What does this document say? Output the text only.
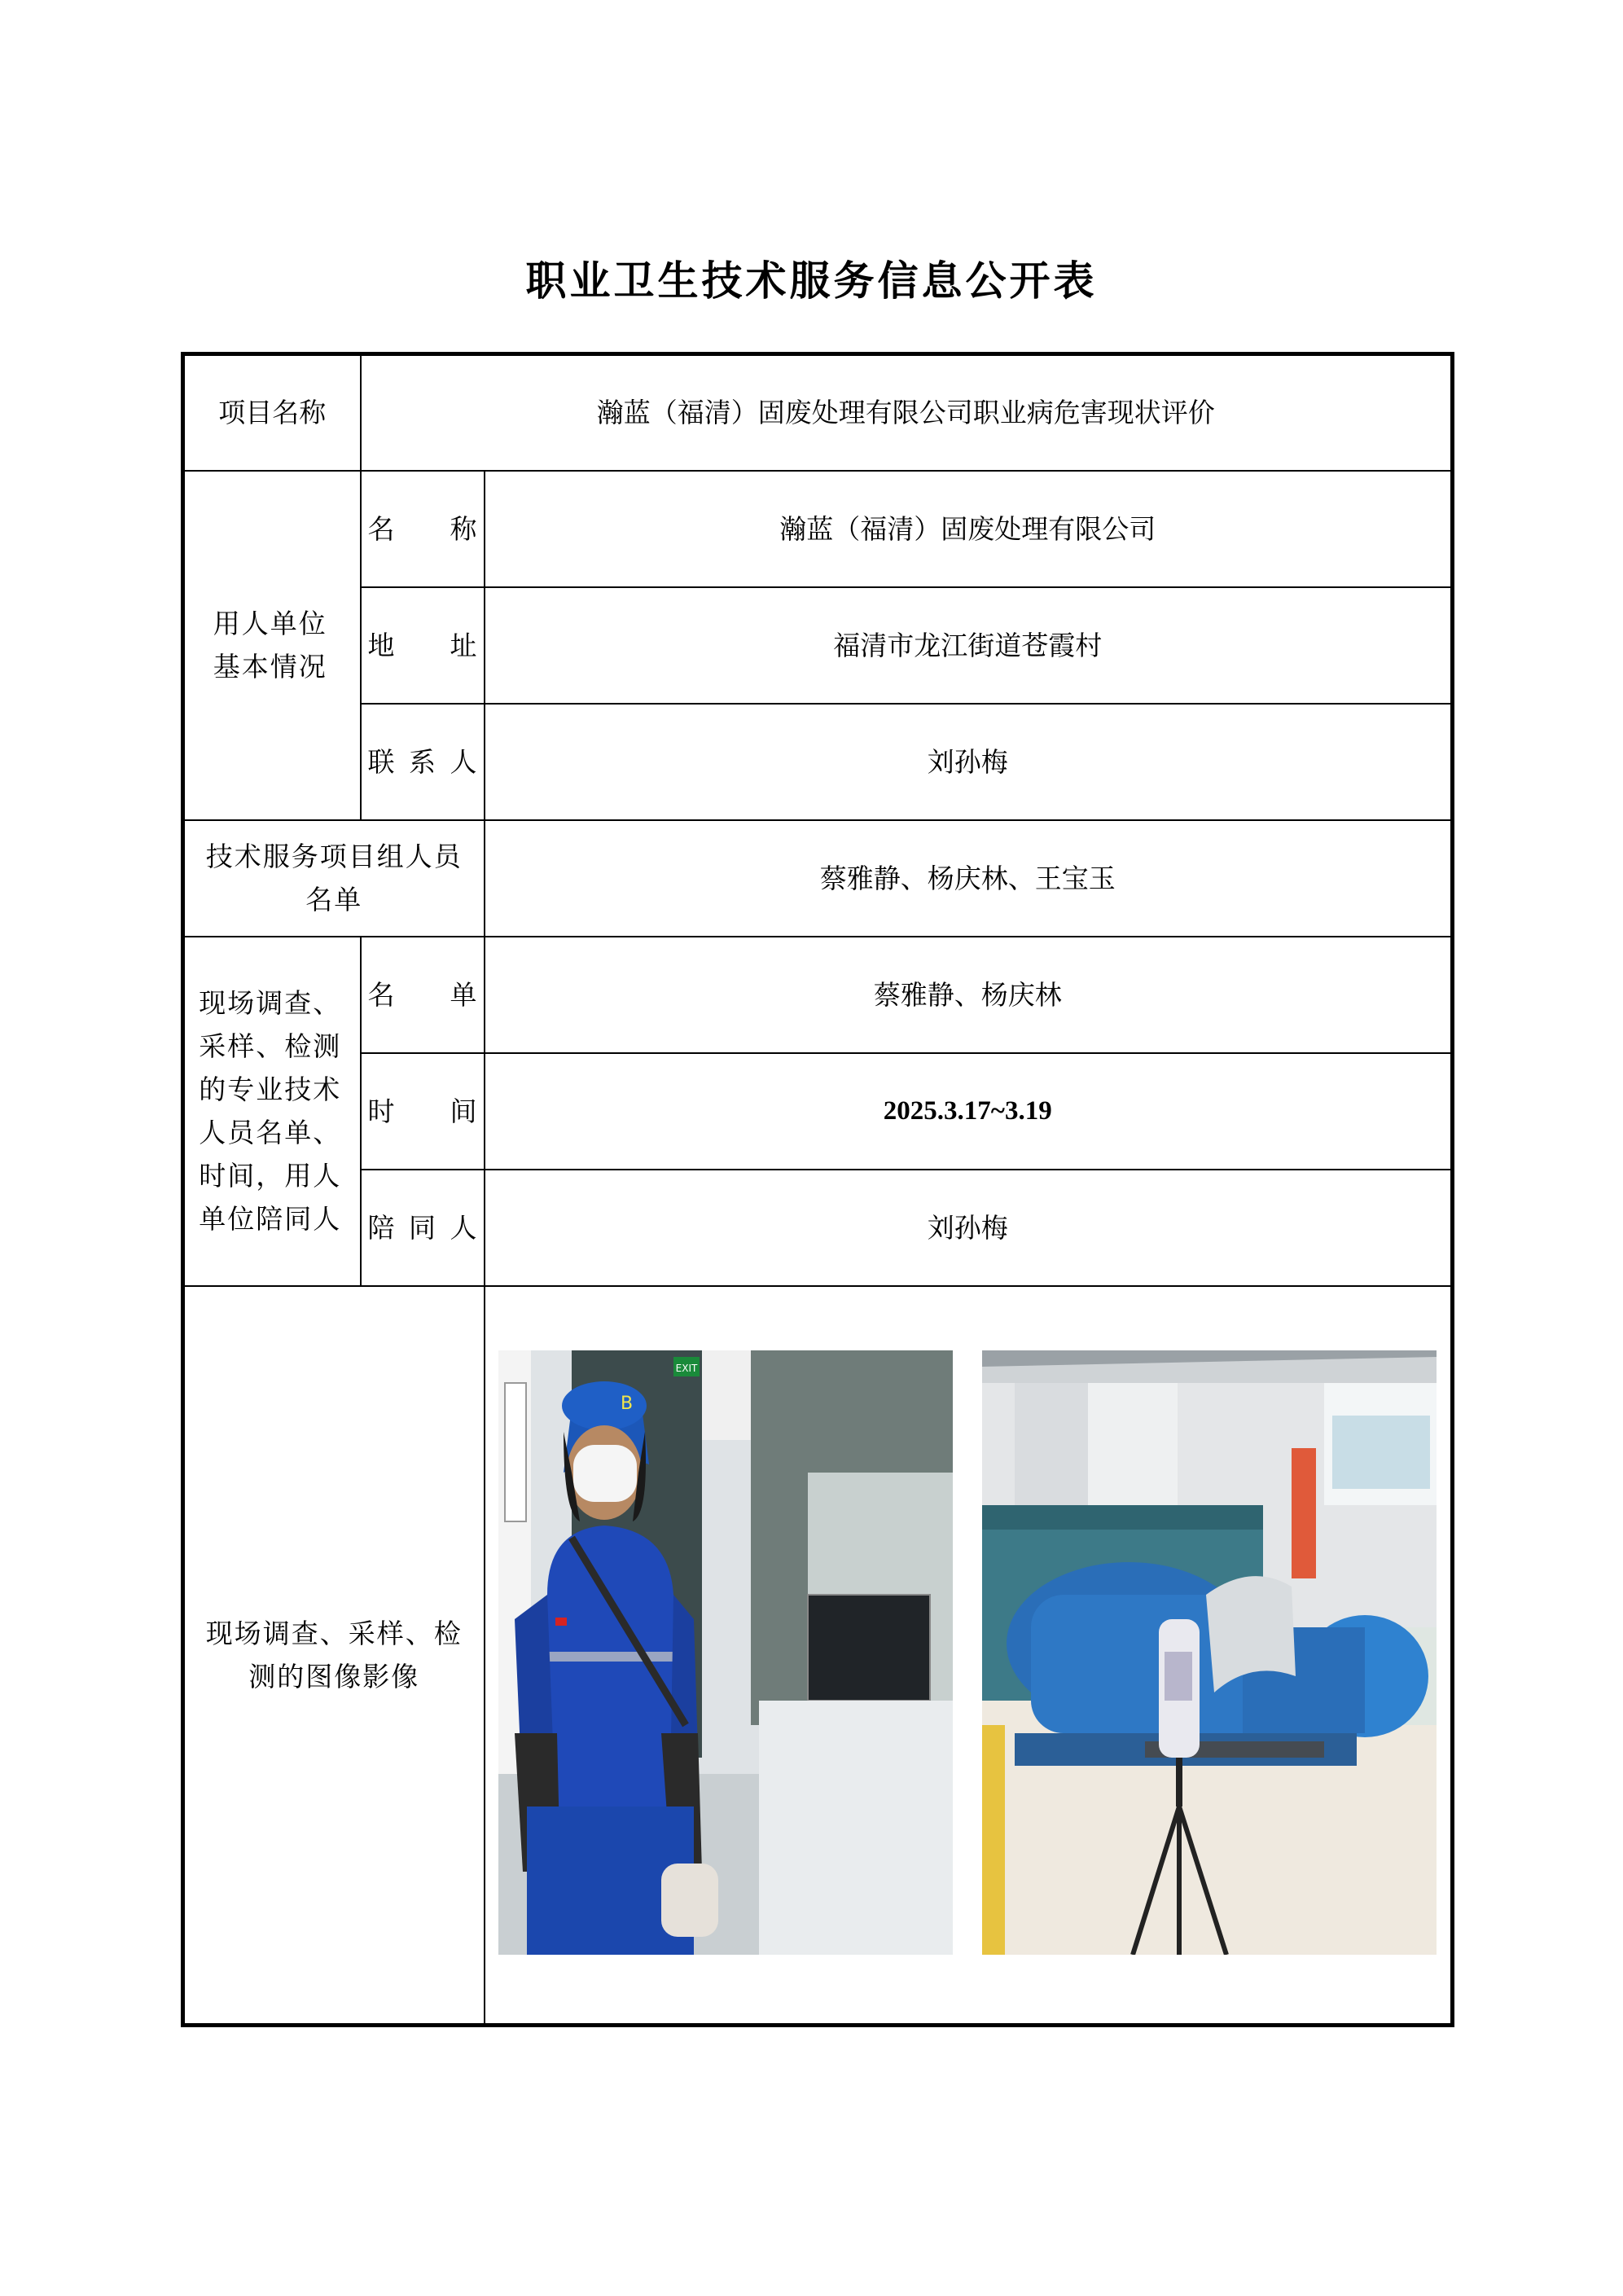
职业卫生技术服务信息公开表
项目名称	瀚蓝（福清）固废处理有限公司职业病危害现状评价	
用人单位基本情况	名 称	瀚蓝（福清）固废处理有限公司
	地 址	福清市龙江街道苍霞村
	联系人	刘孙梅
技术服务项目组人员名单		蔡雅静、杨庆林、王宝玉
现场调查、采样、检测的专业技术人员名单、时间，用人单位陪同人	名 单	蔡雅静、杨庆林
	时 间	2025.3.17~3.19
	陪同人	刘孙梅
现场调查、采样、检测的图像影像		EXIT
B
